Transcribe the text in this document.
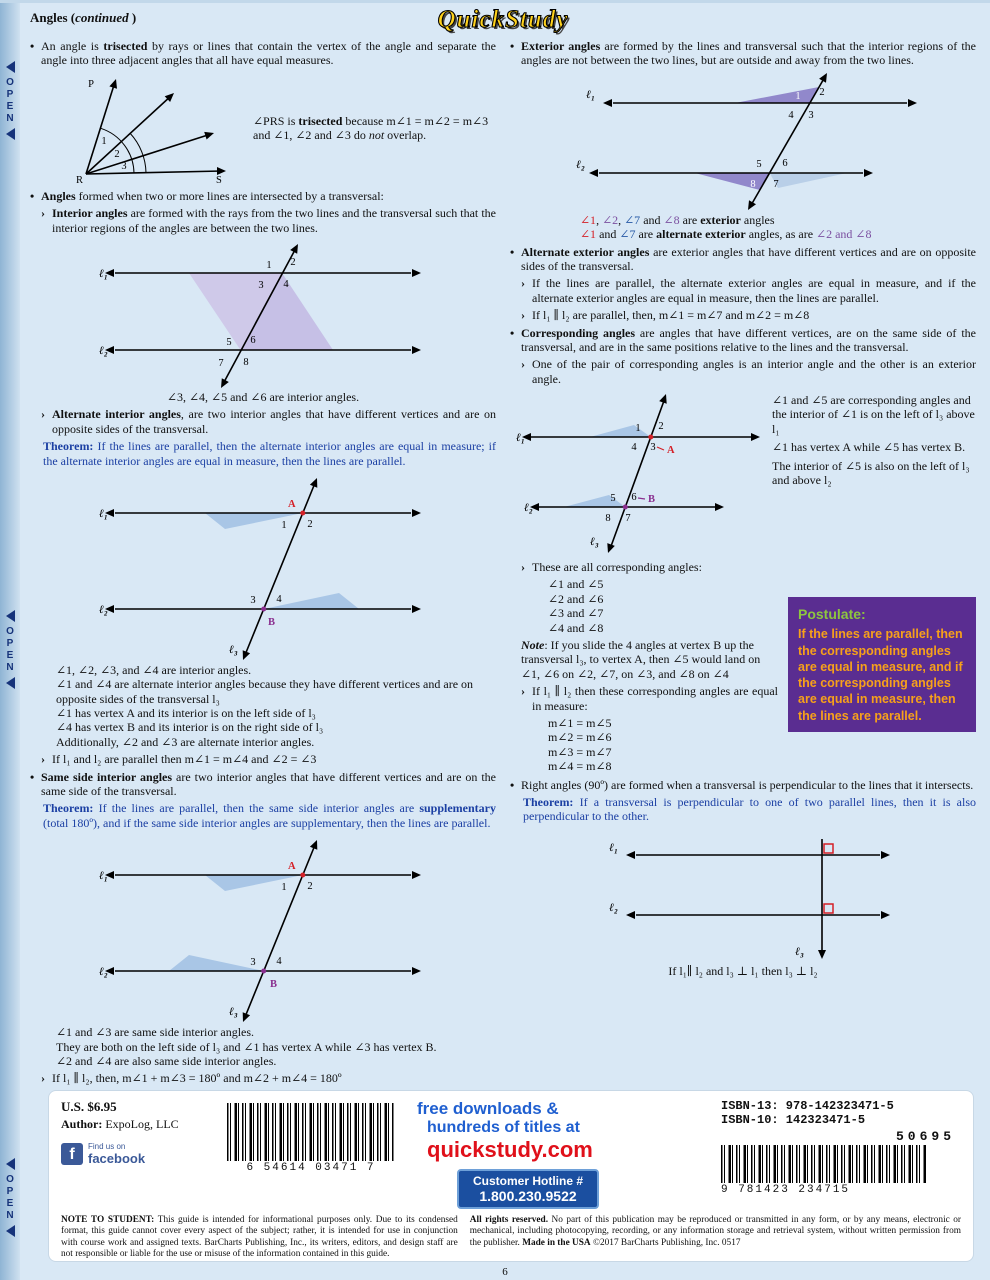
O
P
E
N
O
P
E
N
O
P
E
N
Angles (continued )	QuickStudy
• An angle is trisected by rays or lines that contain the vertex of the angle and separate the angle into three adjacent angles that all have equal measures.
P
R	S
1
2
3
∠PRS is trisected because m∠1 = m∠2 = m∠3
and ∠1, ∠2 and ∠3 do not overlap.
• Angles formed when two or more lines are intersected by a transversal:
› Interior angles are formed with the rays from the two lines and the transversal such that the interior regions of the angles are between the two lines.
ℓ₁
ℓ₂
1 2
3 4
5 6
7 8
∠3, ∠4, ∠5 and ∠6 are interior angles.
› Alternate interior angles, are two interior angles that have different vertices and are on opposite sides of the transversal.
Theorem: If the lines are parallel, then the alternate interior angles are equal in measure; if the alternate interior angles are equal in measure, then the lines are parallel.
ℓ₁
ℓ₂
ℓ₃
A
B
1 2
3 4
∠1, ∠2, ∠3, and ∠4 are interior angles.
∠1 and ∠4 are alternate interior angles because they have different vertices and are on opposite sides of the transversal l₃
∠1 has vertex A and its interior is on the left side of l₃
∠4 has vertex B and its interior is on the right side of l₃
Additionally, ∠2 and ∠3 are alternate interior angles.
› If l₁ and l₂ are parallel then m∠1 = m∠4 and ∠2 = ∠3
• Same side interior angles are two interior angles that have different vertices and are on the same side of the transversal.
Theorem: If the lines are parallel, then the same side interior angles are supplementary (total 180º), and if the same side interior angles are supplementary, then the lines are parallel.
ℓ₁
ℓ₂
ℓ₃
A
B
1 2
3 4
∠1 and ∠3 are same side interior angles.
They are both on the left side of l₃ and ∠1 has vertex A while ∠3 has vertex B.
∠2 and ∠4 are also same side interior angles.
› If l₁ ∥ l₂, then, m∠1 + m∠3 = 180º and m∠2 + m∠4 = 180º
• Exterior angles are formed by the lines and transversal such that the interior regions of the angles are not between the two lines, but are outside and away from the two lines.
ℓ₁
ℓ₂
1 2
3
4
5 6
7
8
∠1, ∠2, ∠7 and ∠8 are exterior angles
∠1 and ∠7 are alternate exterior angles, as are ∠2 and ∠8
• Alternate exterior angles are exterior angles that have different vertices and are on opposite sides of the transversal.
› If the lines are parallel, the alternate exterior angles are equal in measure, and if the alternate exterior angles are equal in measure, then the lines are parallel.
› If l₁ ∥ l₂ are parallel, then, m∠1 = m∠7 and m∠2 = m∠8
• Corresponding angles are angles that have different vertices, are on the same side of the transversal, and are in the same positions relative to the lines and the transversal.
› One of the pair of corresponding angles is an interior angle and the other is an exterior angle.
ℓ₁
ℓ₂
ℓ₃
A
B
1 2
3
4
5 6
7
8
∠1 and ∠5 are corresponding angles and the interior of ∠1 is on the left of l₃ above l₁
∠1 has vertex A while ∠5 has vertex B.
The interior of ∠5 is also on the left of l₃ and above l₂
› These are all corresponding angles:
∠1 and ∠5
∠2 and ∠6
∠3 and ∠7
∠4 and ∠8
Note: If you slide the 4 angles at vertex B up the transversal l₃, to vertex A, then ∠5 would land on ∠1, ∠6 on ∠2, ∠7, on ∠3, and ∠8 on ∠4
› If l₁ ∥ l₂ then these corresponding angles are equal in measure:
m∠1 = m∠5
m∠2 = m∠6
m∠3 = m∠7
m∠4 = m∠8
Postulate:
If the lines are parallel, then the corresponding angles are equal in measure, and if the corresponding angles are equal in measure, then the lines are parallel.
• Right angles (90º) are formed when a transversal is perpendicular to the lines that it intersects.
Theorem: If a transversal is perpendicular to one of two parallel lines, then it is also perpendicular to the other.
ℓ₁
ℓ₂
ℓ₃
If l₁∥ l₂ and l₃ ⊥ l₁ then l₃ ⊥ l₂
U.S. $6.95
Author: ExpoLog, LLC
f	Find us on
facebook
6 54614 03471 7
free downloads &
hundreds of titles at
quickstudy.com
Customer Hotline #
1.800.230.9522
ISBN-13: 978-142323471-5
ISBN-10: 142323471-5
50695
9 781423 234715
NOTE TO STUDENT: This guide is intended for informational purposes only. Due to its condensed format, this guide cannot cover every aspect of the subject; rather, it is intended for use in conjunction with course work and assigned texts. BarCharts Publishing, Inc., its writers, editors, and design staff are not responsible or liable for the use or misuse of the information contained in this guide.
All rights reserved. No part of this publication may be reproduced or transmitted in any form, or by any means, electronic or mechanical, including photocopying, recording, or any information storage and retrieval system, without written permission from the publisher. Made in the USA ©2017 BarCharts Publishing, Inc. 0517
6
